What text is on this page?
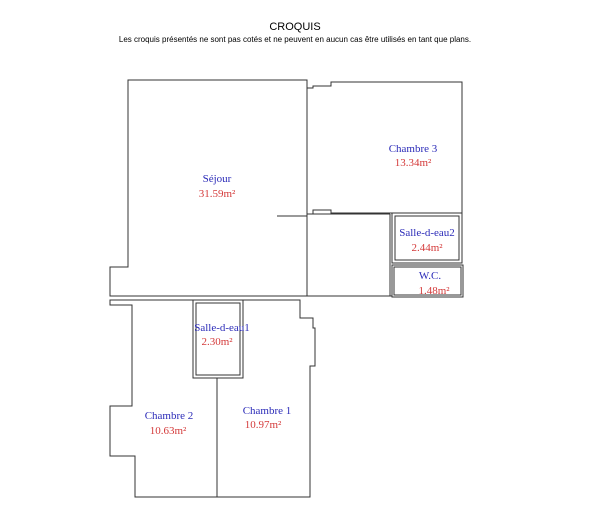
CROQUIS
Les croquis présentés ne sont pas cotés et ne peuvent en aucun cas être utilisés en tant que plans.
Séjour
31.59m²
Chambre 3
13.34m²
Salle-d-eau2
2.44m²
W.C.
1.48m²
Salle-d-eau1
2.30m²
Chambre 2
10.63m²
Chambre 1
10.97m²
